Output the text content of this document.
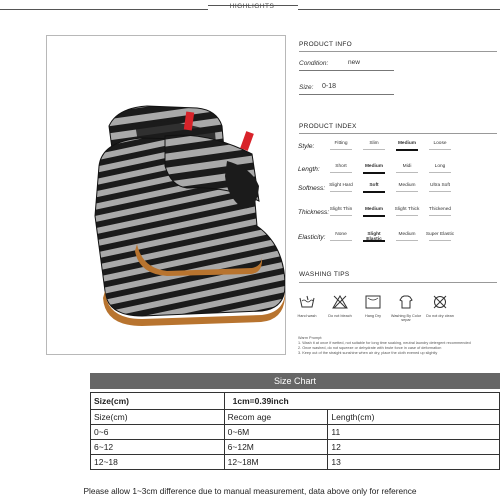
HIGHLIGHTS
PRODUCT INFO
Condition:	new
Size: 0-18
PRODUCT INDEX
Style:	Fitting	Slim	Medium	Loose
Length:	Short	Medium	Midi	Long
Softness: Slight Hard	Soft	Medium	Ultra Soft
Thickness: Slight Thin	Medium	Slight Thick	Thickened
Elasticity:	None	Slight	Medium	Super Elastic
WASHING TIPS
Hand wash	Do not bleach	Hang Dry	Washing By Color separ
Do not dry clean
Warm Prompt:
1. Wash it at once if wetted, not suitable for long time soaking, neutral laundry detergent recommended
2. Once washed, do not squeeze or dehydrate with brute force in case of deformation
3. Keep out of the straight sunshine when air dry, place the cloth evened up slightly
Size Chart
Size(cm)	1cm=0.39inch	
Size(cm)	Recom age	Length(cm)
0~6	0~6M	11
6~12	6~12M	12
12~18	12~18M	13
Please allow 1~3cm difference due to manual measurement, data above only for reference
